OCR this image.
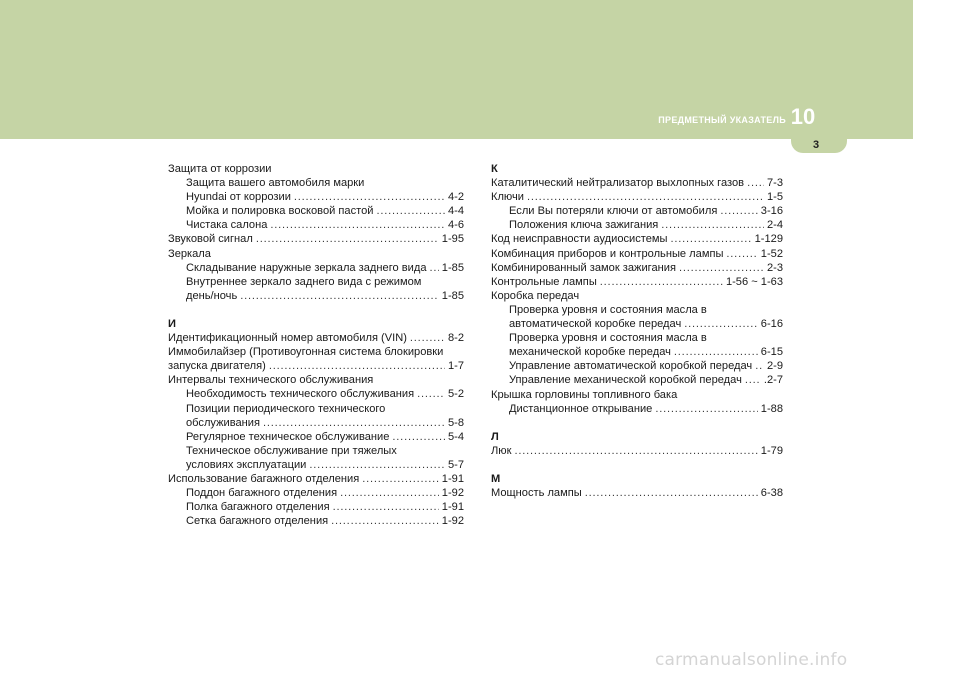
ПРЕДМЕТНЫЙ УКАЗАТЕЛЬ 10
3
Защита от коррозии
Защита вашего автомобиля марки
Hyundai от коррозии .....	4-2
Мойка и полировка восковой пастой .....	4-4
Чистака салона .....	4-6
Звуковой сигнал .....	1-95
Зеркала
Складывание наружные зеркала заднего вида ..... 1-85
Внутреннее зеркало заднего вида с режимом
день/ночь .....	1-85
И
Идентификационный номер автомобиля (VIN) .....	8-2
Иммобилайзер (Противоугонная система блокировки
запуска двигателя) .....	1-7
Интервалы технического обслуживания
Необходимость технического обслуживания .....	5-2
Позиции периодического технического
обслуживания .....	5-8
Регулярное техническое обслуживание .....	5-4
Техническое обслуживание при тяжелых
условиях эксплуатации .....	5-7
Использование багажного отделения .....	1-91
Поддон багажного отделения .....	1-92
Полка багажного отделения .....	1-91
Сетка багажного отделения .....	1-92
К
Каталитический нейтрализатор выхлопных газов ..... 7-3
Ключи .....	1-5
Если Вы потеряли ключи от автомобиля .....	3-16
Положения ключа зажигания .....	2-4
Код неисправности аудиосистемы .....	1-129
Комбинация приборов и контрольные лампы .....	1-52
Комбинированный замок зажигания .....	2-3
Контрольные лампы .....	1-56 ~ 1-63
Коробка передач
Проверка уровня и состояния масла в
автоматической коробке передач .....	6-16
Проверка уровня и состояния масла в
механической коробке передач .....	6-15
Управление автоматической коробкой передач ..... 2-9
Управление механической коробкой передач ..... .2-7
Крышка горловины топливного бака
Дистанционное открывание .....	1-88
Л
Люк .....	1-79
М
Мощность лампы .....	6-38
carmanualsonline.info
